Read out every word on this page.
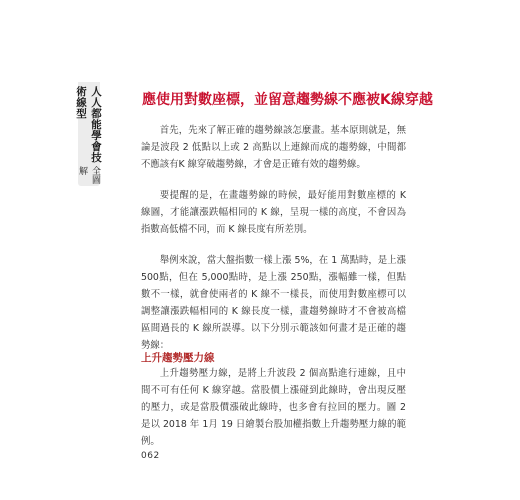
人人都能學會技術線型
全圖解
應使用對數座標，並留意趨勢線不應被K線穿越

首先，先來了解正確的趨勢線該怎麼畫。基本原則就是，無論是波段 2 低點以上或 2 高點以上連線而成的趨勢線，中間都不應該有K 線穿破趨勢線，才會是正確有效的趨勢線。

要提醒的是，在畫趨勢線的時候，最好能用對數座標的 K 線圖，才能讓漲跌幅相同的 K 線，呈現一樣的高度，不會因為指數高低檔不同，而 K 線長度有所差別。

舉例來說，當大盤指數一樣上漲 5%，在 1 萬點時，是上漲 500點，但在 5,000點時，是上漲 250點，漲幅雖一樣，但點數不一樣，就會使兩者的 K 線不一樣長，而使用對數座標可以調整讓漲跌幅相同的 K 線長度一樣，畫趨勢線時才不會被高檔區間過長的 K 線所誤導。以下分別示範該如何畫才是正確的趨勢線：

上升趨勢壓力線

上升趨勢壓力線，是將上升波段 2 個高點進行連線，且中間不可有任何 K 線穿越。當股價上漲碰到此線時，會出現反壓的壓力，或是當股價漲破此線時，也多會有拉回的壓力。圖 2 是以 2018 年 1月 19 日繪製台股加權指數上升趨勢壓力線的範例。

062
